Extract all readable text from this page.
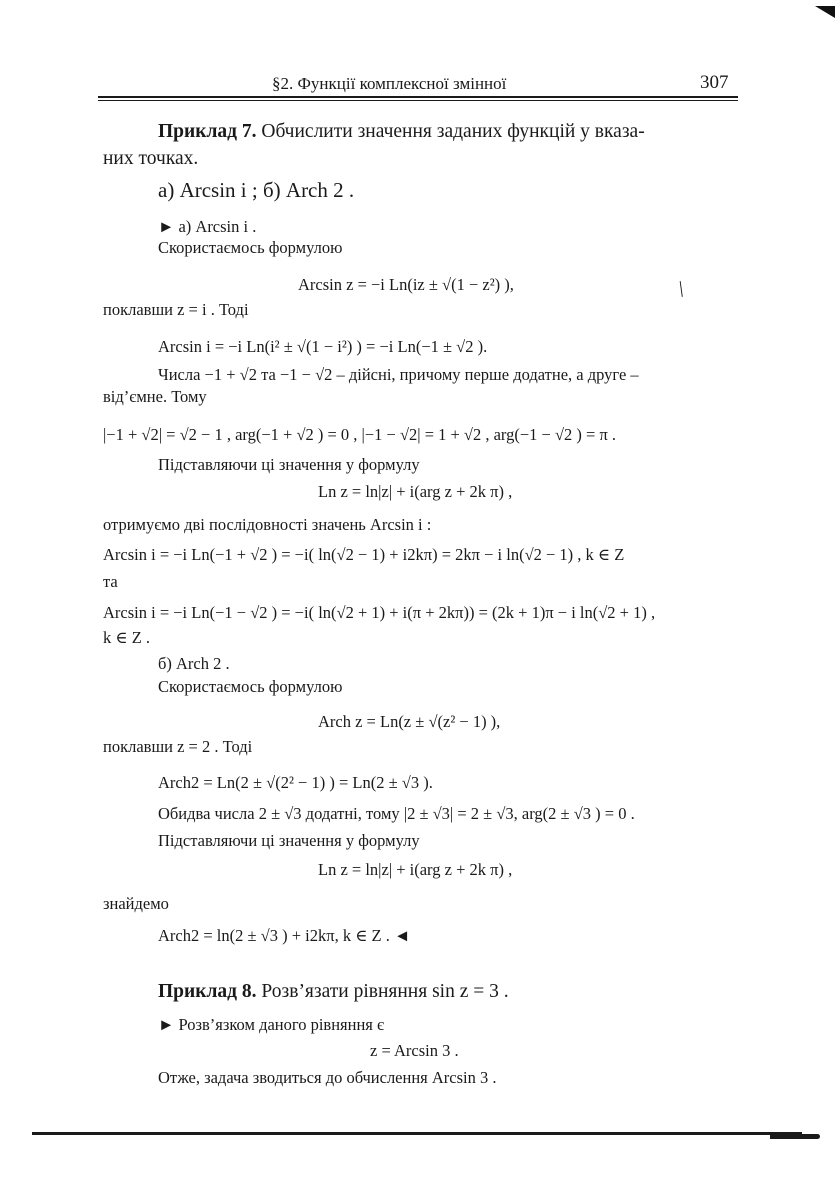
§2. Функції комплексної змінної	307
Приклад 7. Обчислити значення заданих функцій у вказа-
них точках.
а) Arcsin i ; б) Arch 2 .
► а) Arcsin i .
Скористаємось формулою
Arcsin z = −i Ln(iz ± √(1 − z²) ),
поклавши z = i . Тоді
Arcsin i = −i Ln(i² ± √(1 − i²) ) = −i Ln(−1 ± √2 ).
Числа −1 + √2 та −1 − √2 – дійсні, причому перше додатне, а друге –
від’ємне. Тому
|−1 + √2| = √2 − 1 , arg(−1 + √2 ) = 0 , |−1 − √2| = 1 + √2 , arg(−1 − √2 ) = π .
Підставляючи ці значення у формулу
Ln z = ln|z| + i(arg z + 2k π) ,
отримуємо дві послідовності значень Arcsin i :
Arcsin i = −i Ln(−1 + √2 ) = −i( ln(√2 − 1) + i2kπ) = 2kπ − i ln(√2 − 1) , k ∈ Z
та
Arcsin i = −i Ln(−1 − √2 ) = −i( ln(√2 + 1) + i(π + 2kπ)) = (2k + 1)π − i ln(√2 + 1) ,
k ∈ Z .
б) Arch 2 .
Скористаємось формулою
Arch z = Ln(z ± √(z² − 1) ),
поклавши z = 2 . Тоді
Arch2 = Ln(2 ± √(2² − 1) ) = Ln(2 ± √3 ).
Обидва числа 2 ± √3 додатні, тому |2 ± √3| = 2 ± √3, arg(2 ± √3 ) = 0 .
Підставляючи ці значення у формулу
Ln z = ln|z| + i(arg z + 2k π) ,
знайдемо
Arch2 = ln(2 ± √3 ) + i2kπ, k ∈ Z . ◄
Приклад 8. Розв’язати рівняння sin z = 3 .
► Розв’язком даного рівняння є
z = Arcsin 3 .
Отже, задача зводиться до обчислення Arcsin 3 .
╱
